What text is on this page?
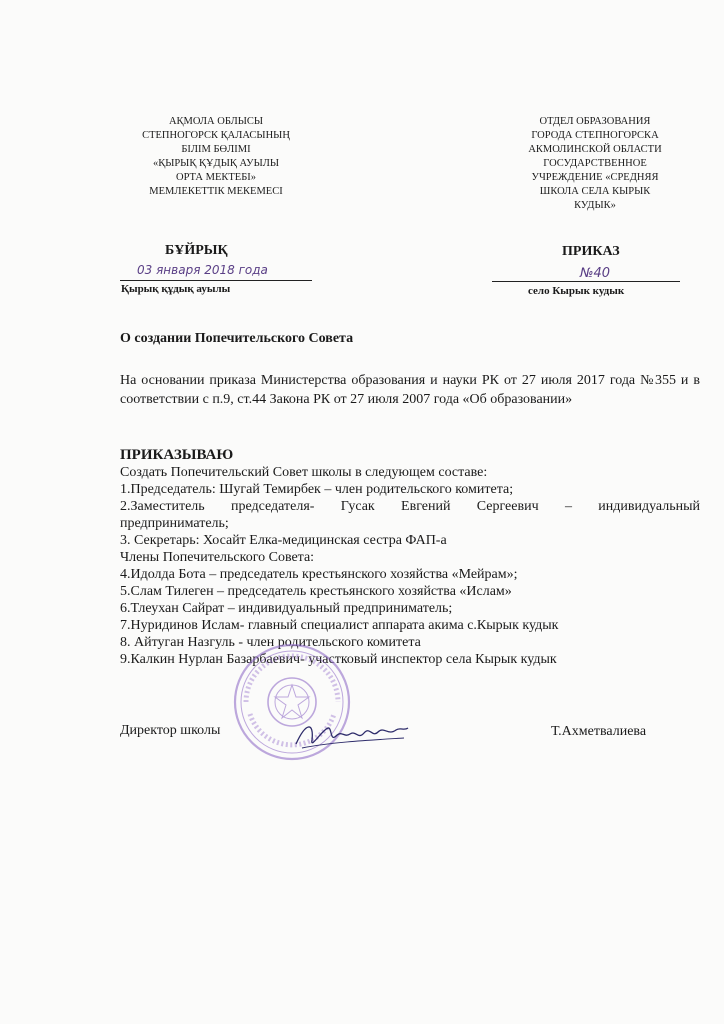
АҚМОЛА ОБЛЫСЫ
СТЕПНОГОРСК ҚАЛАСЫНЫҢ
БІЛІМ БӨЛІМІ
«ҚЫРЫҚ ҚҰДЫҚ АУЫЛЫ
ОРТА МЕКТЕБІ»
МЕМЛЕКЕТТІК МЕКЕМЕСІ
ОТДЕЛ ОБРАЗОВАНИЯ
ГОРОДА СТЕПНОГОРСКА
АКМОЛИНСКОЙ ОБЛАСТИ
ГОСУДАРСТВЕННОЕ
УЧРЕЖДЕНИЕ «СРЕДНЯЯ
ШКОЛА СЕЛА КЫРЫК
КУДЫК»
БҰЙРЫҚ	ПРИКАЗ
03 января 2018 года	№40
Қырық құдық ауылы	село Кырык кудык
О создании Попечительского Совета
На основании приказа Министерства образования и науки РК от 27 июля 2017 года №355 и в соответствии с п.9, ст.44 Закона РК от 27 июля 2007 года «Об образовании»
ПРИКАЗЫВАЮ
Создать Попечительский Совет школы в следующем составе:
1.Председатель: Шугай Темирбек – член родительского комитета;
2.Заместитель председателя- Гусак Евгений Сергеевич – индивидуальный
предприниматель;
3. Секретарь: Хосайт Елка-медицинская сестра ФАП-а
Члены Попечительского Совета:
4.Идолда Бота – председатель крестьянского хозяйства «Мейрам»;
5.Слам Тилеген – председатель крестьянского хозяйства «Ислам»
6.Тлеухан Сайрат – индивидуальный предприниматель;
7.Нуридинов Ислам- главный специалист аппарата акима с.Кырык кудык
8. Айтуган Назгуль - член родительского комитета
9.Калкин Нурлан Базарбаевич- участковый инспектор села Кырык кудык
Директор школы	Т.Ахметвалиева
